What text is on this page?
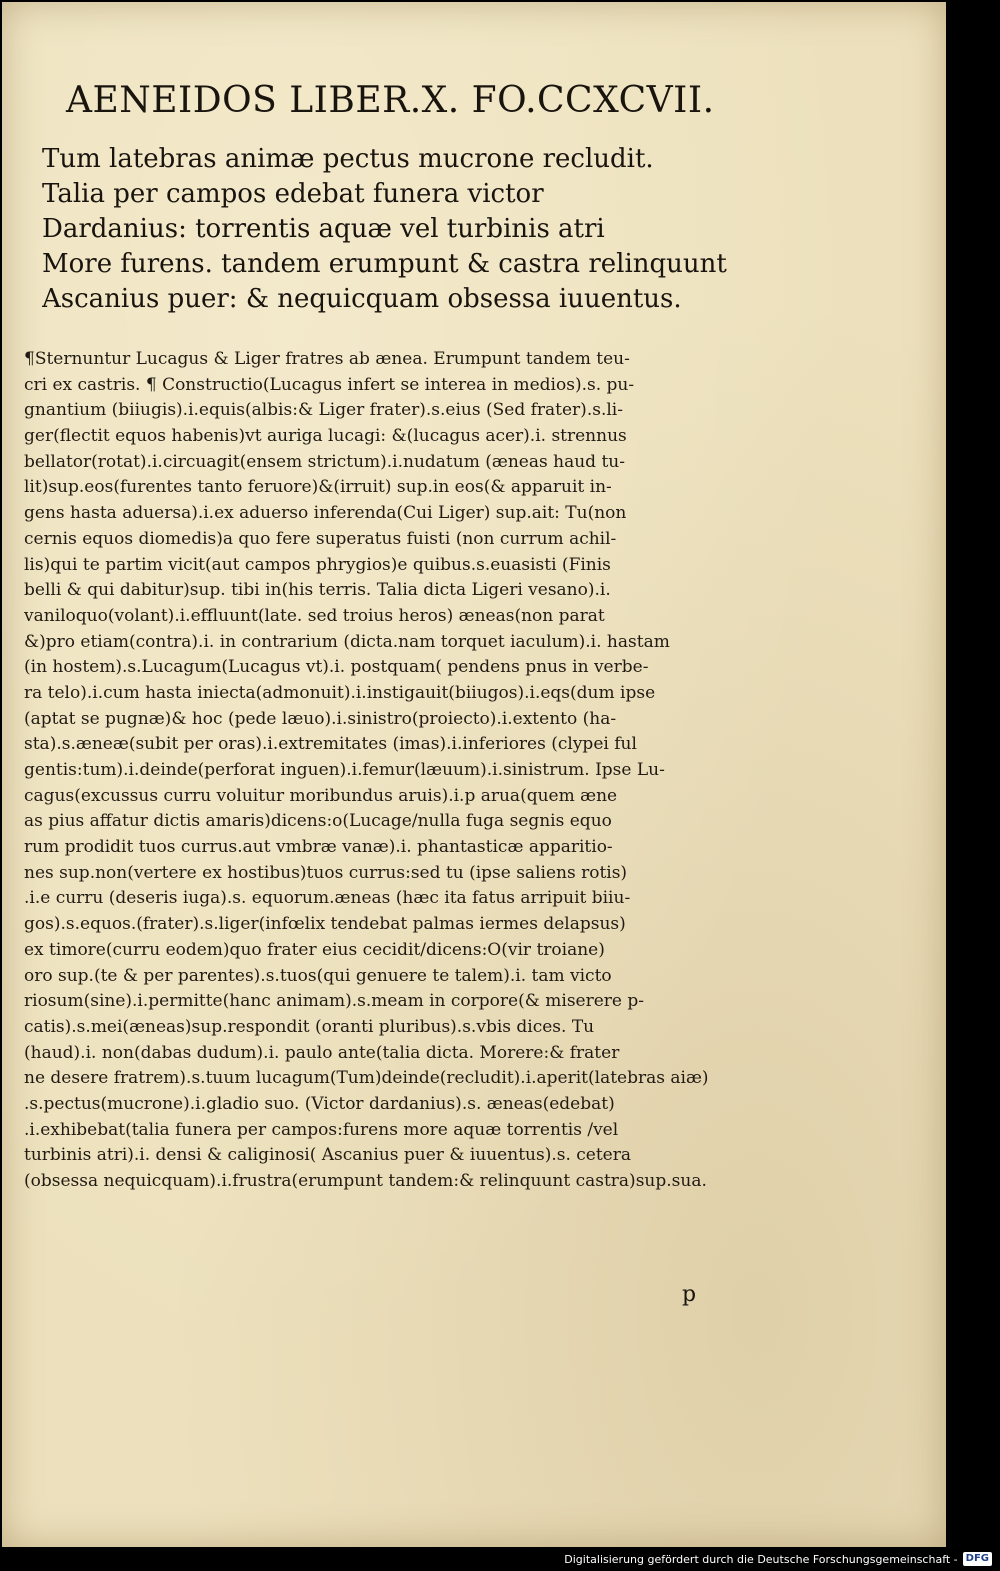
AENEIDOS LIBER.X. FO.CCXCVII.
Tum latebras animæ pectus mucrone recludit.
Talia per campos edebat funera victor
Dardanius: torrentis aquæ vel turbinis atri
More furens. tandem erumpunt & castra relinquunt
Ascanius puer: & nequicquam obsessa iuuentus.
¶Sternuntur Lucagus & Liger fratres ab ænea. Erumpunt tandem teu-
cri ex castris. ¶ Constructio(Lucagus infert se interea in medios).s. pu-
gnantium (biiugis).i.equis(albis:& Liger frater).s.eius (Sed frater).s.li-
ger(flectit equos habenis)vt auriga lucagi: &(lucagus acer).i. strennus
bellator(rotat).i.circuagit(ensem strictum).i.nudatum (æneas haud tu-
lit)sup.eos(furentes tanto feruore)&(irruit) sup.in eos(& apparuit in-
gens hasta aduersa).i.ex aduerso inferenda(Cui Liger) sup.ait: Tu(non
cernis equos diomedis)a quo fere superatus fuisti (non currum achil-
lis)qui te partim vicit(aut campos phrygios)e quibus.s.euasisti (Finis
belli & qui dabitur)sup. tibi in(his terris. Talia dicta Ligeri vesano).i.
vaniloquo(volant).i.effluunt(late. sed troius heros) æneas(non parat
&)pro etiam(contra).i. in contrarium (dicta.nam torquet iaculum).i. hastam
(in hostem).s.Lucagum(Lucagus vt).i. postquam( pendens pnus in verbe-
ra telo).i.cum hasta iniecta(admonuit).i.instigauit(biiugos).i.eqs(dum ipse
(aptat se pugnæ)& hoc (pede læuo).i.sinistro(proiecto).i.extento (ha-
sta).s.æneæ(subit per oras).i.extremitates (imas).i.inferiores (clypei ful
gentis:tum).i.deinde(perforat inguen).i.femur(læuum).i.sinistrum. Ipse Lu-
cagus(excussus curru voluitur moribundus aruis).i.p arua(quem æne
as pius affatur dictis amaris)dicens:o(Lucage/nulla fuga segnis equo
rum prodidit tuos currus.aut vmbræ vanæ).i. phantasticæ apparitio-
nes sup.non(vertere ex hostibus)tuos currus:sed tu (ipse saliens rotis)
.i.e curru (deseris iuga).s. equorum.æneas (hæc ita fatus arripuit biiu-
gos).s.equos.(frater).s.liger(infœlix tendebat palmas iermes delapsus)
ex timore(curru eodem)quo frater eius cecidit/dicens:O(vir troiane)
oro sup.(te & per parentes).s.tuos(qui genuere te talem).i. tam victo
riosum(sine).i.permitte(hanc animam).s.meam in corpore(& miserere p-
catis).s.mei(æneas)sup.respondit (oranti pluribus).s.vbis dices. Tu
(haud).i. non(dabas dudum).i. paulo ante(talia dicta. Morere:& frater
ne desere fratrem).s.tuum lucagum(Tum)deinde(recludit).i.aperit(latebras aiæ)
.s.pectus(mucrone).i.gladio suo. (Victor dardanius).s. æneas(edebat)
.i.exhibebat(talia funera per campos:furens more aquæ torrentis /vel
turbinis atri).i. densi & caliginosi( Ascanius puer & iuuentus).s. cetera
(obsessa nequicquam).i.frustra(erumpunt tandem:& relinquunt castra)sup.sua.
p
Digitalisierung gefördert durch die Deutsche Forschungsgemeinschaft - DFG
